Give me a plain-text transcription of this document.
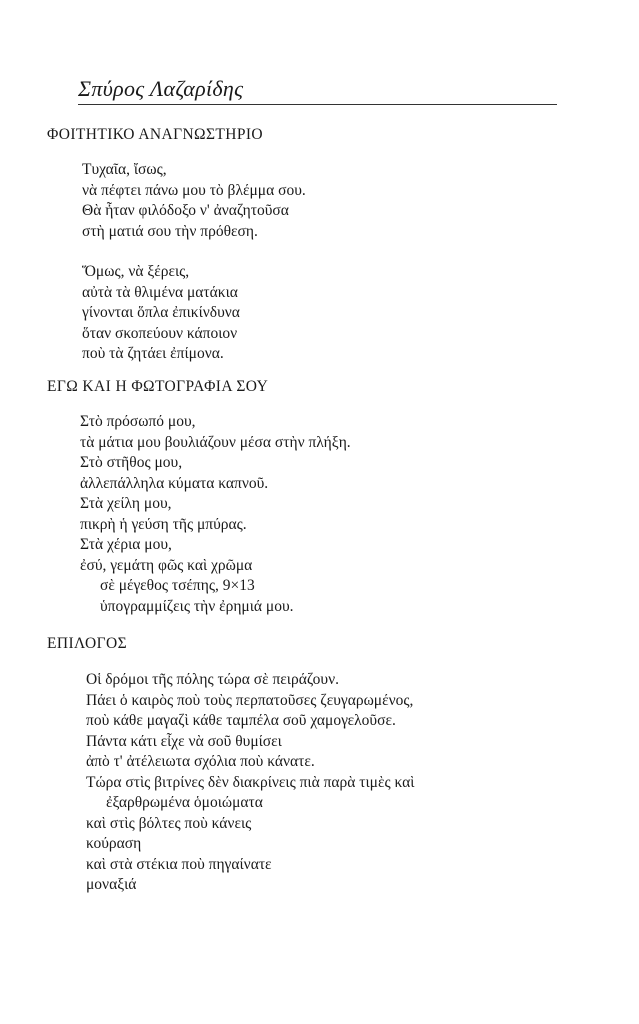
Σπύρος Λαζαρίδης
ΦΟΙΤΗΤΙΚΟ ΑΝΑΓΝΩΣΤΗΡΙΟ
Τυχαῖα, ἴσως,
νὰ πέφτει πάνω μου τὸ βλέμμα σου.
Θὰ ἦταν φιλόδοξο ν' ἀναζητοῦσα
στὴ ματιά σου τὴν πρόθεση.
Ὅμως, νὰ ξέρεις,
αὐτὰ τὰ θλιμένα ματάκια
γίνονται ὅπλα ἐπικίνδυνα
ὅταν σκοπεύουν κάποιον
ποὺ τὰ ζητάει ἐπίμονα.
ΕΓΩ ΚΑΙ Η ΦΩΤΟΓΡΑΦΙΑ ΣΟΥ
Στὸ πρόσωπό μου,
τὰ μάτια μου βουλιάζουν μέσα στὴν πλήξη.
Στὸ στῆθος μου,
ἀλλεπάλληλα κύματα καπνοῦ.
Στὰ χείλη μου,
πικρὴ ἡ γεύση τῆς μπύρας.
Στὰ χέρια μου,
ἐσύ, γεμάτη φῶς καὶ χρῶμα
σὲ μέγεθος τσέπης, 9×13
ὑπογραμμίζεις τὴν ἐρημιά μου.
ΕΠΙΛΟΓΟΣ
Οἱ δρόμοι τῆς πόλης τώρα σὲ πειράζουν.
Πάει ὁ καιρὸς ποὺ τοὺς περπατοῦσες ζευγαρωμένος,
ποὺ κάθε μαγαζὶ κάθε ταμπέλα σοῦ χαμογελοῦσε.
Πάντα κάτι εἶχε νὰ σοῦ θυμίσει
ἀπὸ τ' ἀτέλειωτα σχόλια ποὺ κάνατε.
Τώρα στὶς βιτρίνες δὲν διακρίνεις πιὰ παρὰ τιμὲς καὶ
ἐξαρθρωμένα ὁμοιώματα
καὶ στὶς βόλτες ποὺ κάνεις
κούραση
καὶ στὰ στέκια ποὺ πηγαίνατε
μοναξιά
